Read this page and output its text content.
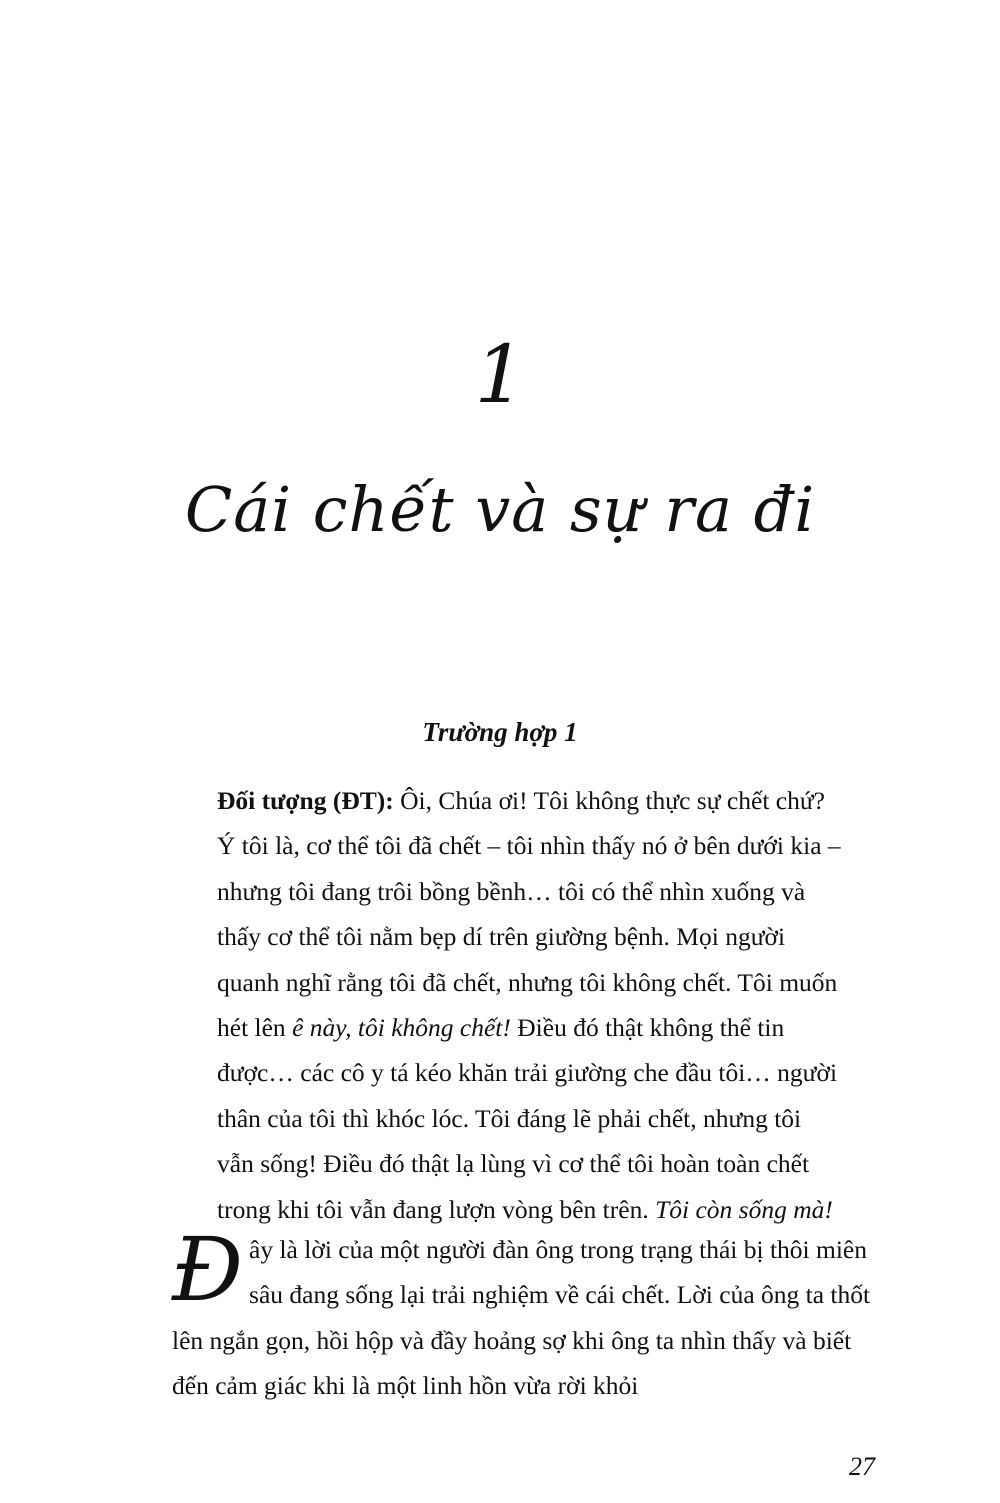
1
Cái chết và sự ra đi
Trường hợp 1
Đối tượng (ĐT): Ôi, Chúa ơi! Tôi không thực sự chết chứ? Ý tôi là, cơ thể tôi đã chết – tôi nhìn thấy nó ở bên dưới kia – nhưng tôi đang trôi bồng bềnh… tôi có thể nhìn xuống và thấy cơ thể tôi nằm bẹp dí trên giường bệnh. Mọi người quanh nghĩ rằng tôi đã chết, nhưng tôi không chết. Tôi muốn hét lên ê này, tôi không chết! Điều đó thật không thể tin được… các cô y tá kéo khăn trải giường che đầu tôi… người thân của tôi thì khóc lóc. Tôi đáng lẽ phải chết, nhưng tôi vẫn sống! Điều đó thật lạ lùng vì cơ thể tôi hoàn toàn chết trong khi tôi vẫn đang lượn vòng bên trên. Tôi còn sống mà!
Đây là lời của một người đàn ông trong trạng thái bị thôi miên sâu đang sống lại trải nghiệm về cái chết. Lời của ông ta thốt lên ngắn gọn, hồi hộp và đầy hoảng sợ khi ông ta nhìn thấy và biết đến cảm giác khi là một linh hồn vừa rời khỏi
27
